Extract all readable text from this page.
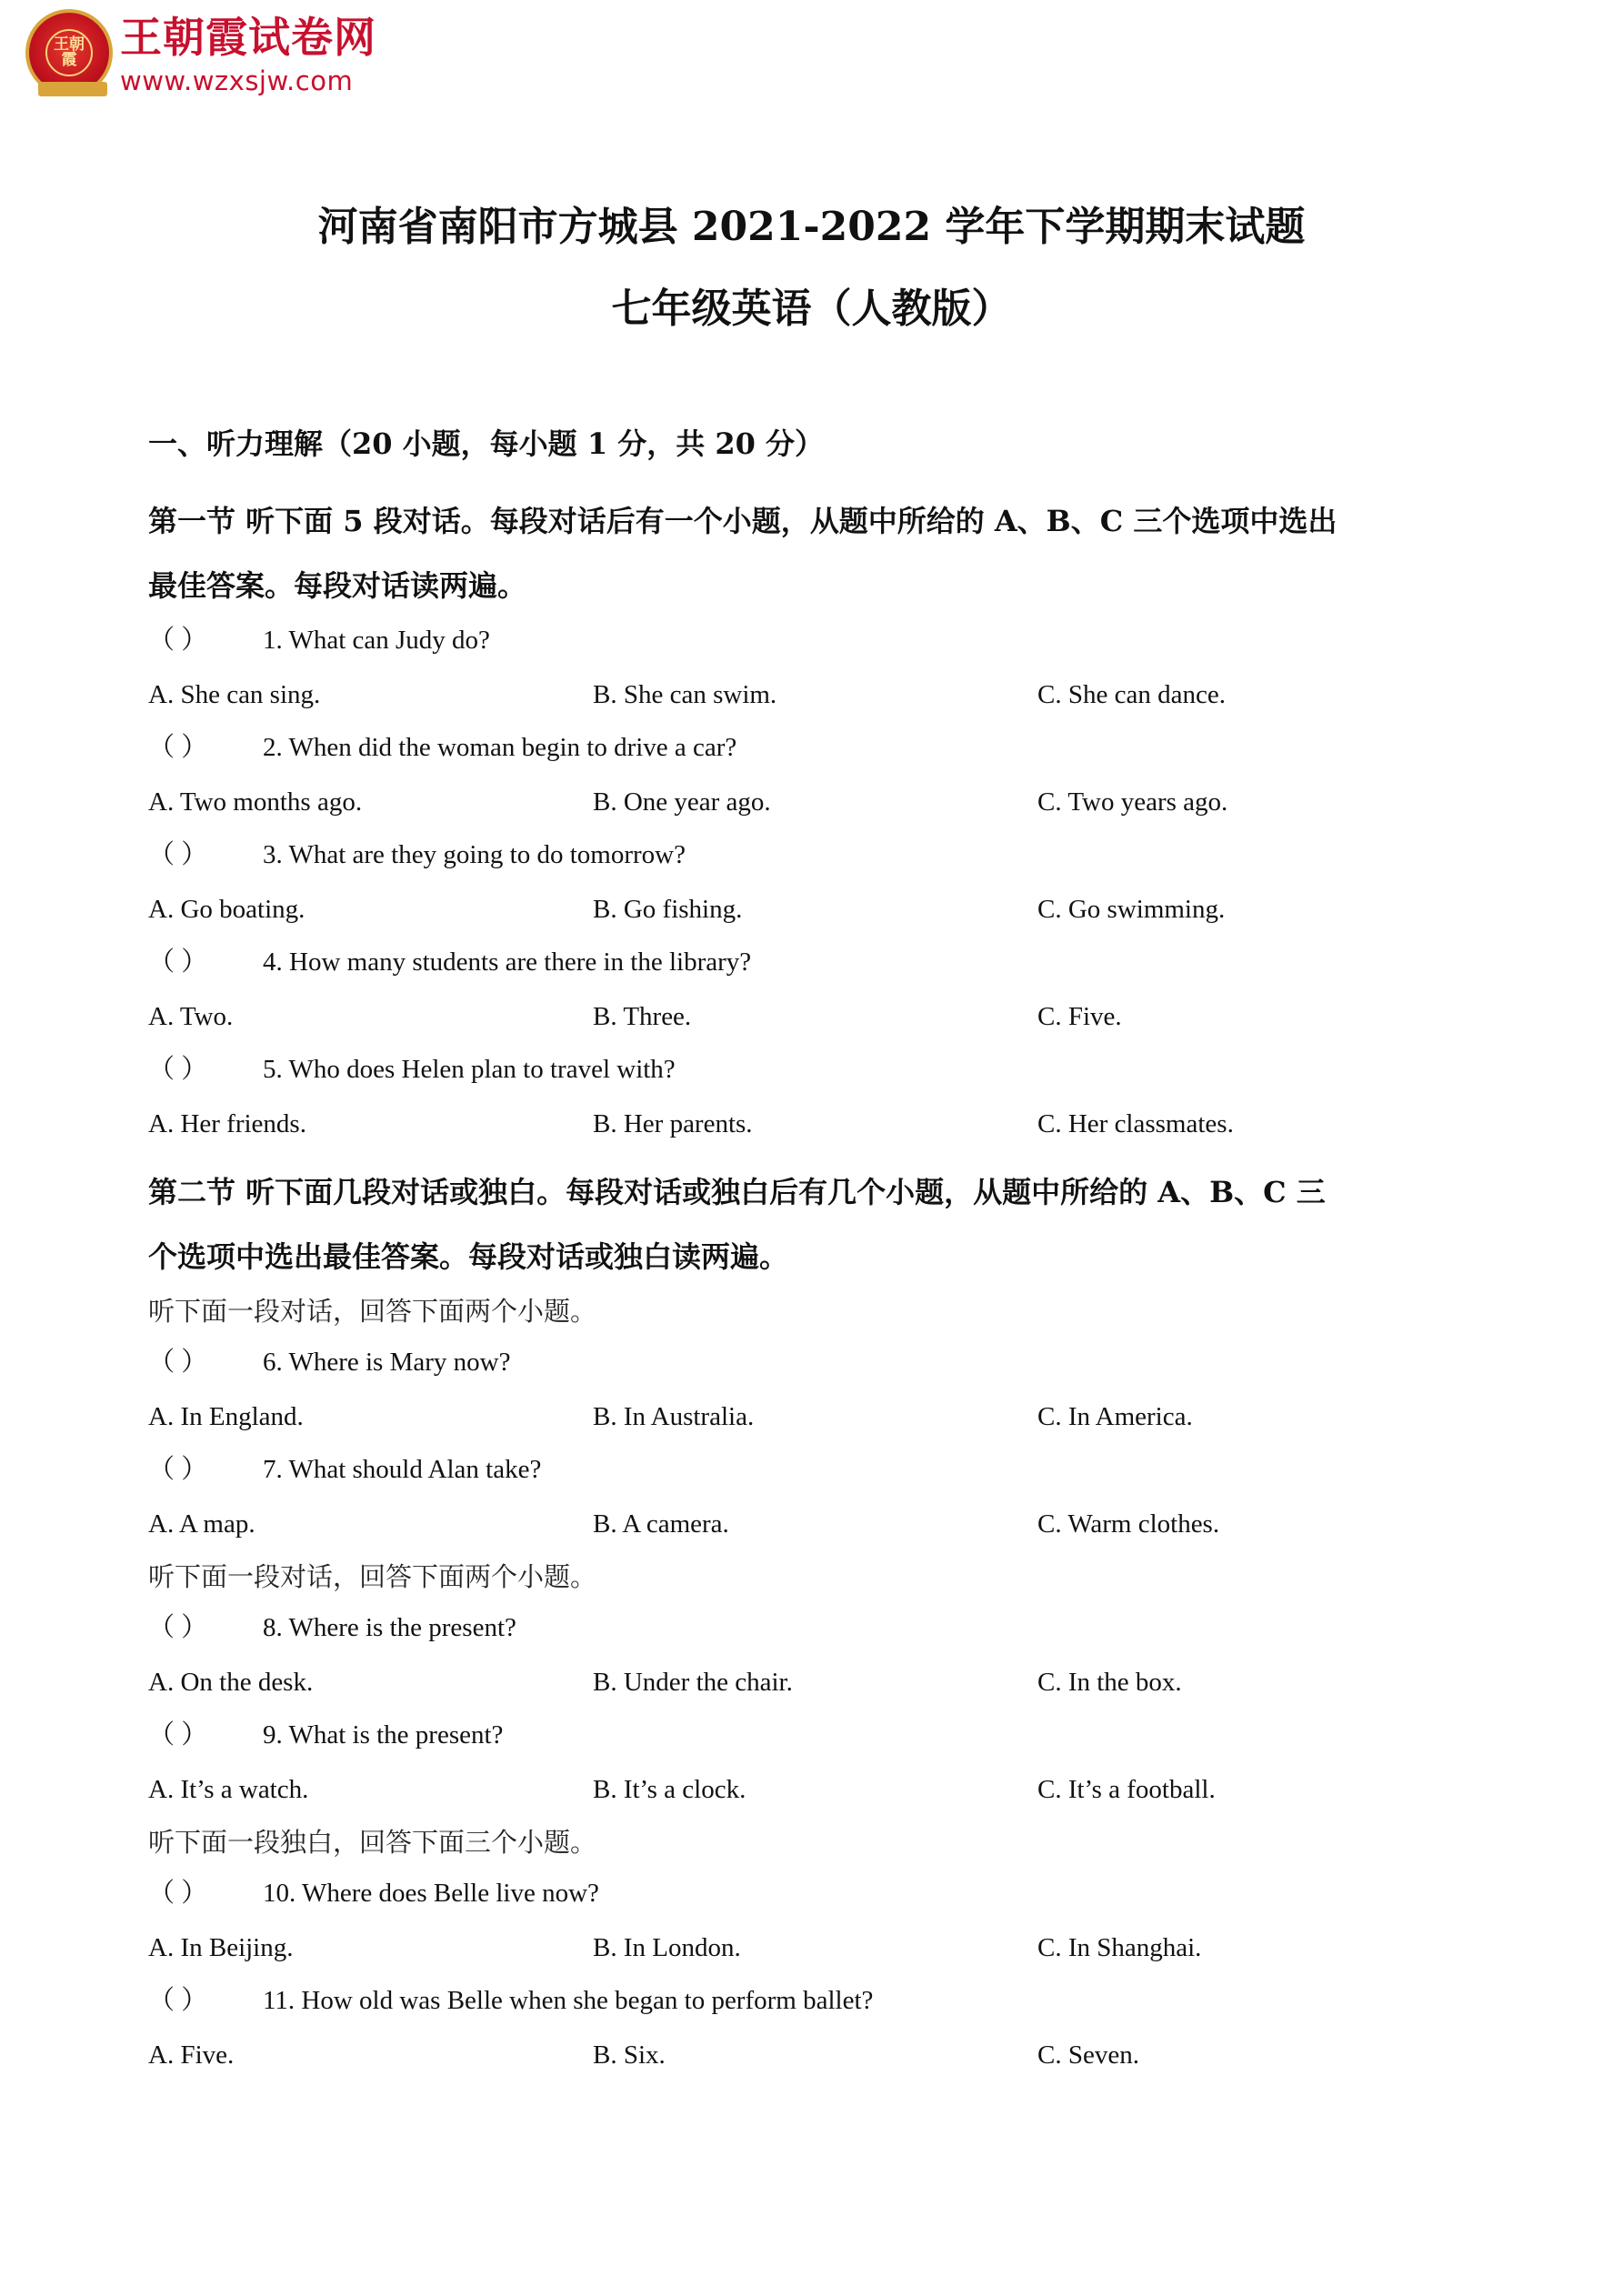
王朝
霞	王朝霞试卷网
www.wzxsjw.com
河南省南阳市方城县 2021-2022 学年下学期期末试题
七年级英语（人教版）
一、听力理解（20 小题，每小题 1 分，共 20 分）
第一节 听下面 5 段对话。每段对话后有一个小题，从题中所给的 A、B、C 三个选项中选出
最佳答案。每段对话读两遍。
（ ） 1. What can Judy do?
A. She can sing.	B. She can swim.	C. She can dance.
（ ） 2. When did the woman begin to drive a car?
A. Two months ago.	B. One year ago.	C. Two years ago.
（ ） 3. What are they going to do tomorrow?
A. Go boating.	B. Go fishing.	C. Go swimming.
（ ） 4. How many students are there in the library?
A. Two.	B. Three.	C. Five.
（ ） 5. Who does Helen plan to travel with?
A. Her friends.	B. Her parents.	C. Her classmates.
第二节 听下面几段对话或独白。每段对话或独白后有几个小题，从题中所给的 A、B、C 三
个选项中选出最佳答案。每段对话或独白读两遍。
听下面一段对话，回答下面两个小题。
（ ） 6. Where is Mary now?
A. In England.	B. In Australia.	C. In America.
（ ） 7. What should Alan take?
A. A map.	B. A camera.	C. Warm clothes.
听下面一段对话，回答下面两个小题。
（ ） 8. Where is the present?
A. On the desk.	B. Under the chair.	C. In the box.
（ ） 9. What is the present?
A. It’s a watch.	B. It’s a clock.	C. It’s a football.
听下面一段独白，回答下面三个小题。
（ ） 10. Where does Belle live now?
A. In Beijing.	B. In London.	C. In Shanghai.
（ ） 11. How old was Belle when she began to perform ballet?
A. Five.	B. Six.	C. Seven.
